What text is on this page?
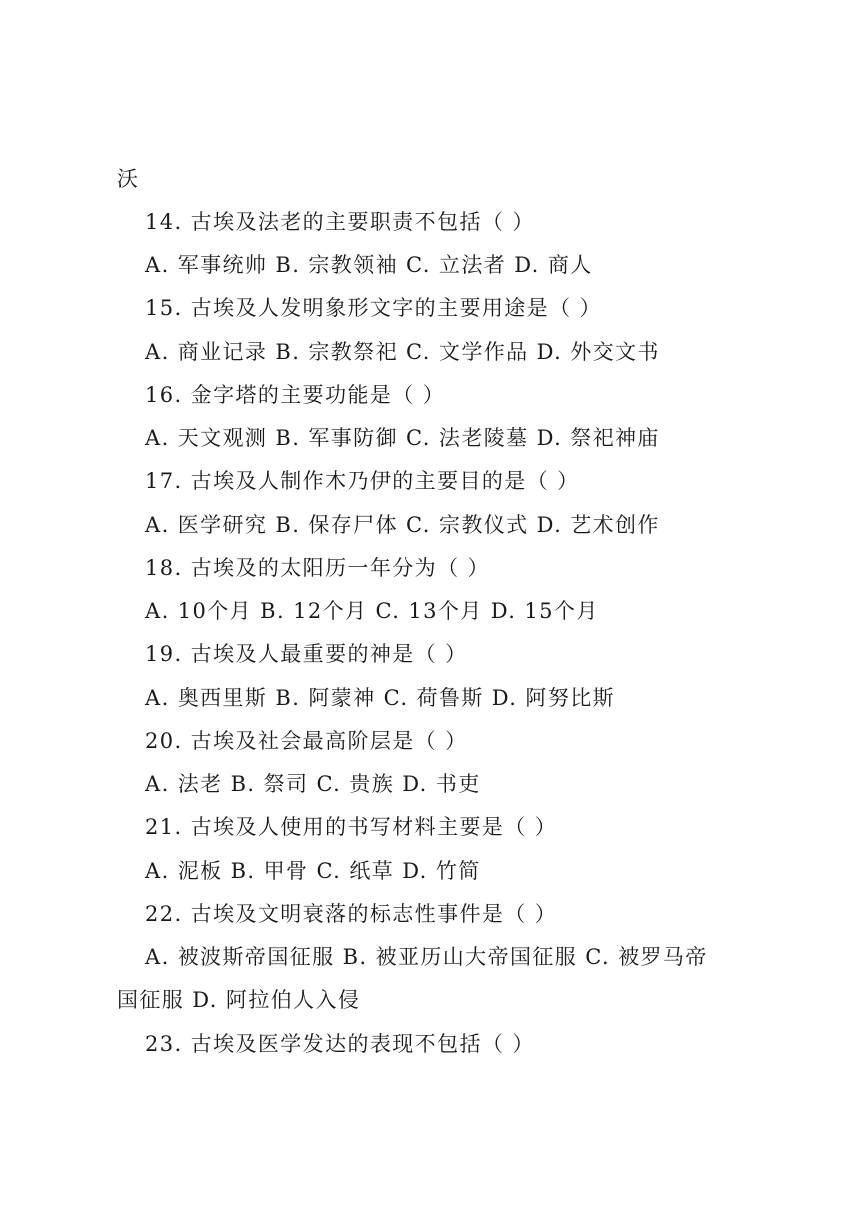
沃
14. 古埃及法老的主要职责不包括（ ）
A. 军事统帅 B. 宗教领袖 C. 立法者 D. 商人
15. 古埃及人发明象形文字的主要用途是（ ）
A. 商业记录 B. 宗教祭祀 C. 文学作品 D. 外交文书
16. 金字塔的主要功能是（ ）
A. 天文观测 B. 军事防御 C. 法老陵墓 D. 祭祀神庙
17. 古埃及人制作木乃伊的主要目的是（ ）
A. 医学研究 B. 保存尸体 C. 宗教仪式 D. 艺术创作
18. 古埃及的太阳历一年分为（ ）
A. 10个月 B. 12个月 C. 13个月 D. 15个月
19. 古埃及人最重要的神是（ ）
A. 奥西里斯 B. 阿蒙神 C. 荷鲁斯 D. 阿努比斯
20. 古埃及社会最高阶层是（ ）
A. 法老 B. 祭司 C. 贵族 D. 书吏
21. 古埃及人使用的书写材料主要是（ ）
A. 泥板 B. 甲骨 C. 纸草 D. 竹简
22. 古埃及文明衰落的标志性事件是（ ）
A. 被波斯帝国征服 B. 被亚历山大帝国征服 C. 被罗马帝
国征服 D. 阿拉伯人入侵
23. 古埃及医学发达的表现不包括（ ）
